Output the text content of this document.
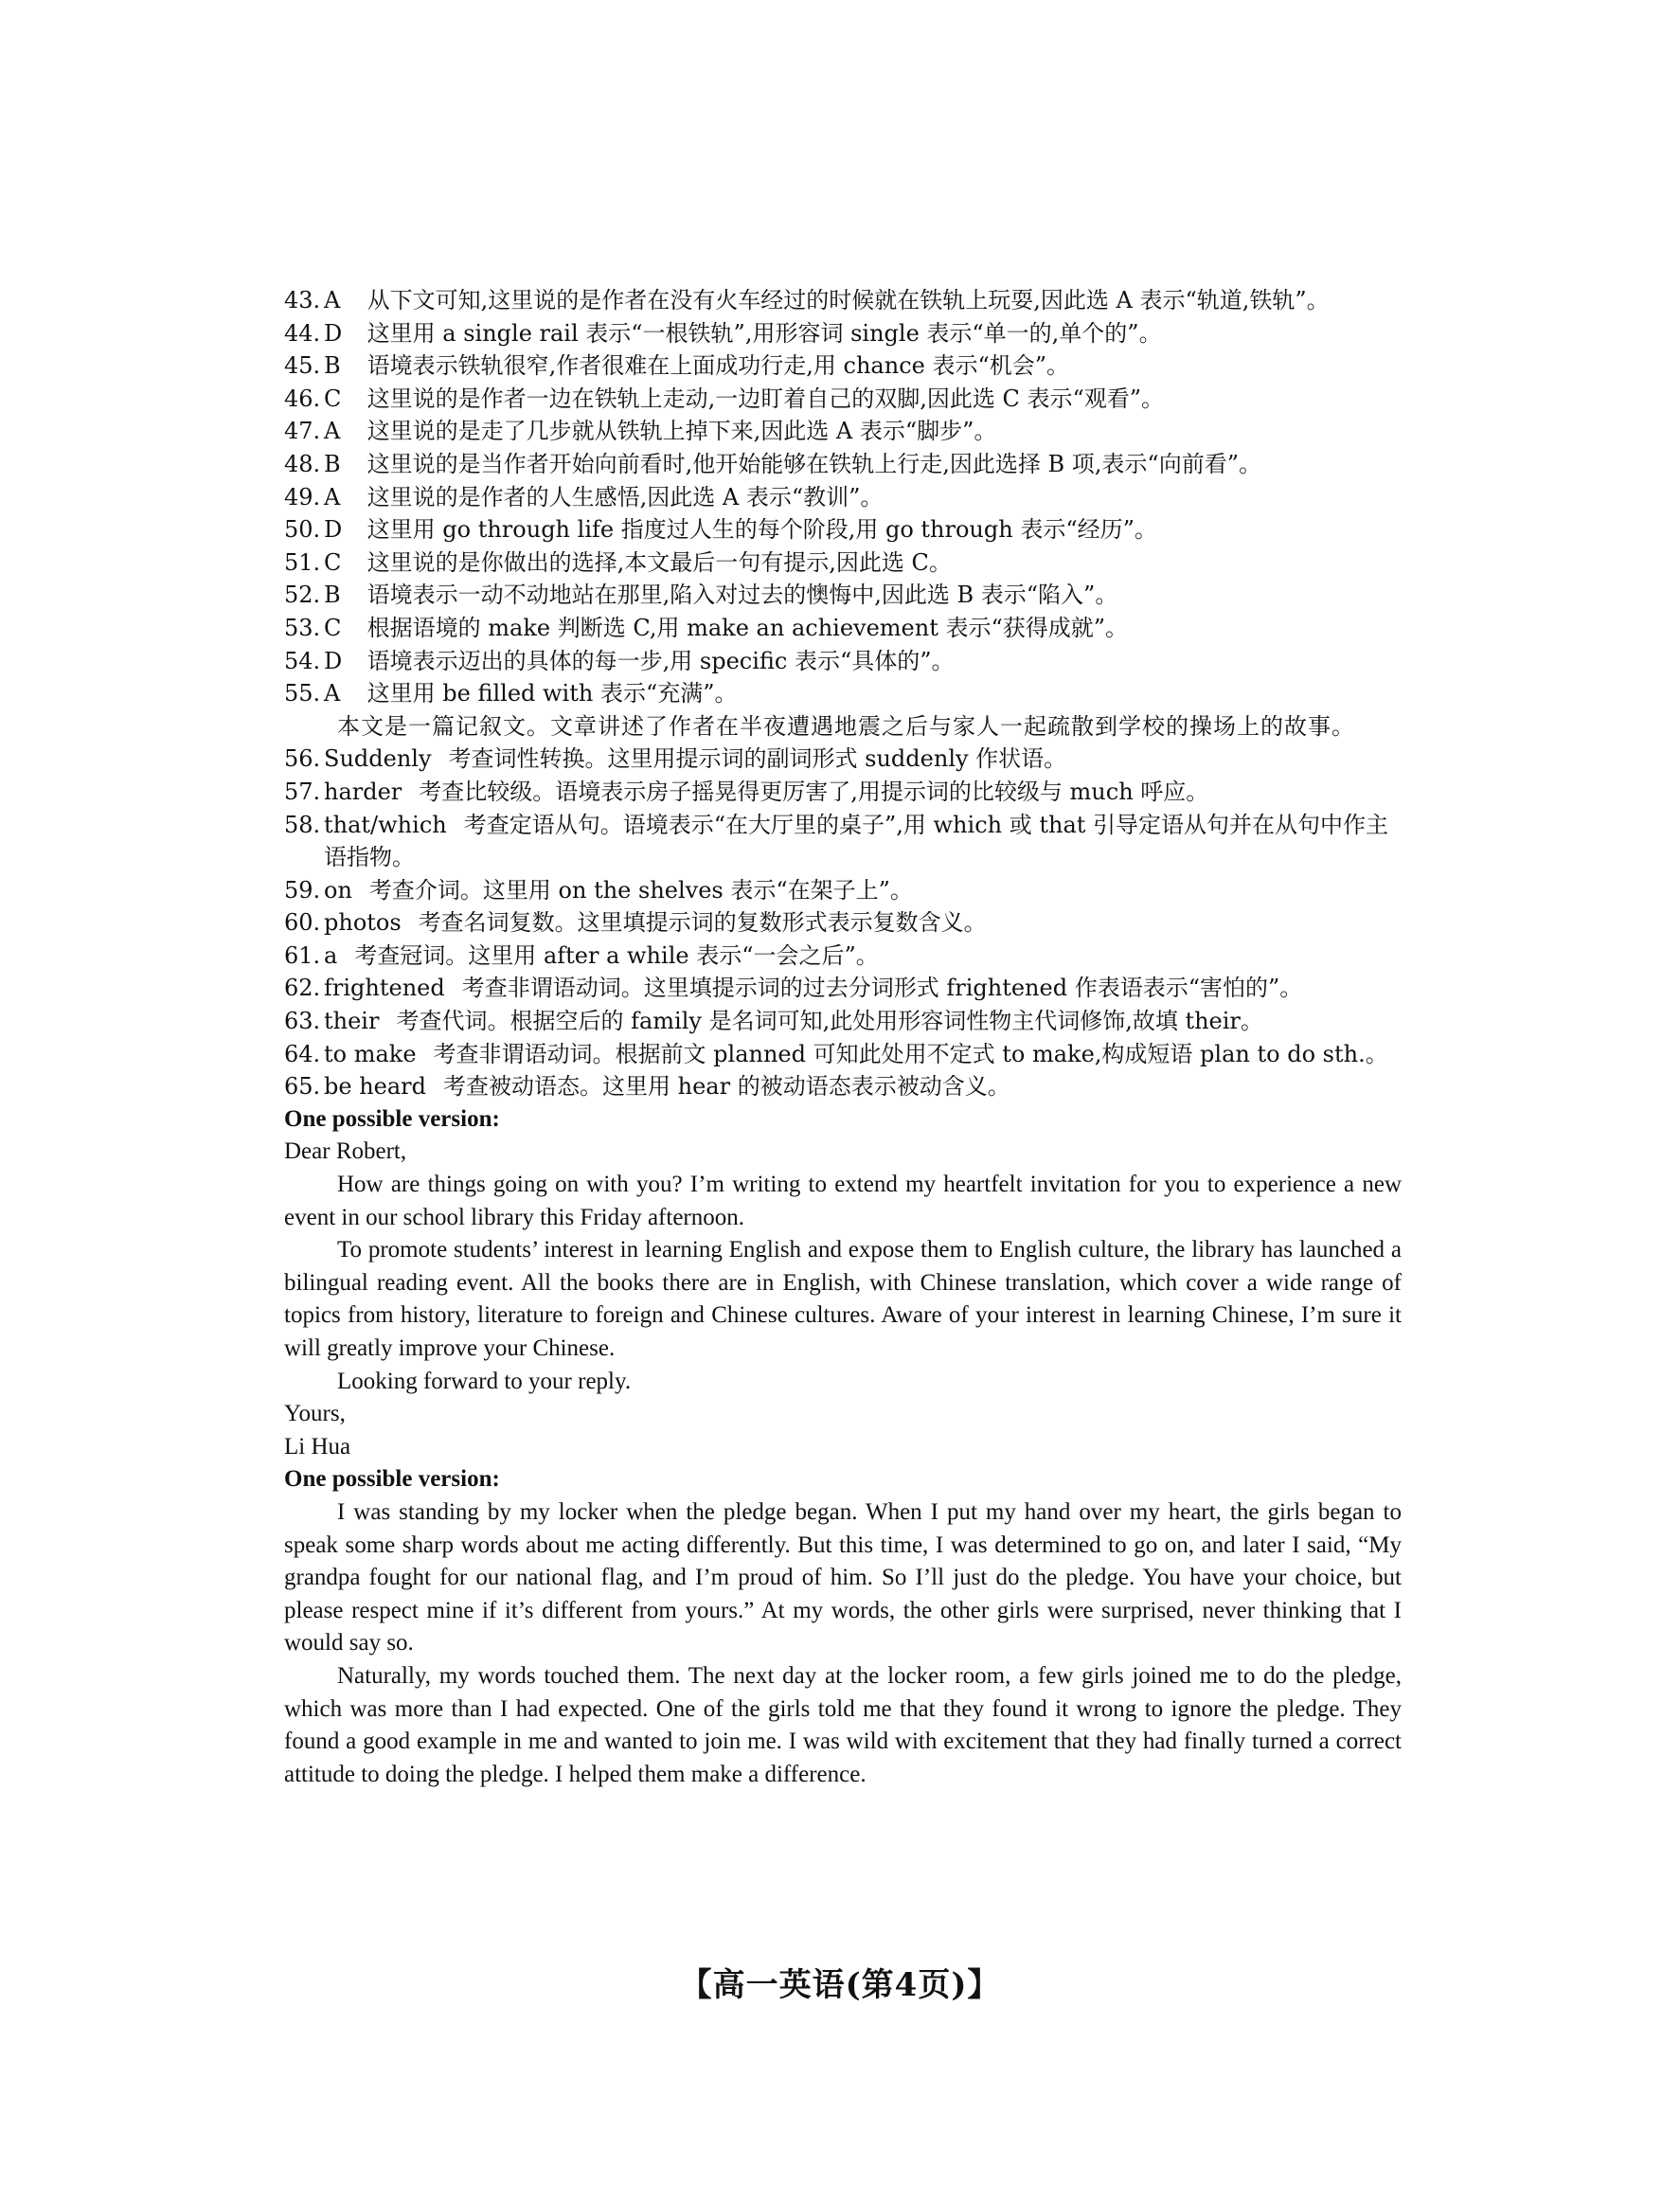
43. A 从下文可知,这里说的是作者在没有火车经过的时候就在铁轨上玩耍,因此选 A 表示“轨道,铁轨”。
44. D 这里用 a single rail 表示“一根铁轨”,用形容词 single 表示“单一的,单个的”。
45. B 语境表示铁轨很窄,作者很难在上面成功行走,用 chance 表示“机会”。
46. C 这里说的是作者一边在铁轨上走动,一边盯着自己的双脚,因此选 C 表示“观看”。
47. A 这里说的是走了几步就从铁轨上掉下来,因此选 A 表示“脚步”。
48. B 这里说的是当作者开始向前看时,他开始能够在铁轨上行走,因此选择 B 项,表示“向前看”。
49. A 这里说的是作者的人生感悟,因此选 A 表示“教训”。
50. D 这里用 go through life 指度过人生的每个阶段,用 go through 表示“经历”。
51. C 这里说的是你做出的选择,本文最后一句有提示,因此选 C。
52. B 语境表示一动不动地站在那里,陷入对过去的懊悔中,因此选 B 表示“陷入”。
53. C 根据语境的 make 判断选 C,用 make an achievement 表示“获得成就”。
54. D 语境表示迈出的具体的每一步,用 specific 表示“具体的”。
55. A 这里用 be filled with 表示“充满”。
本文是一篇记叙文。文章讲述了作者在半夜遭遇地震之后与家人一起疏散到学校的操场上的故事。
56. Suddenly 考查词性转换。这里用提示词的副词形式 suddenly 作状语。
57. harder 考查比较级。语境表示房子摇晃得更厉害了,用提示词的比较级与 much 呼应。
58. that/which 考查定语从句。语境表示“在大厅里的桌子”,用 which 或 that 引导定语从句并在从句中作主语指物。
59. on 考查介词。这里用 on the shelves 表示“在架子上”。
60. photos 考查名词复数。这里填提示词的复数形式表示复数含义。
61. a 考查冠词。这里用 after a while 表示“一会之后”。
62. frightened 考查非谓语动词。这里填提示词的过去分词形式 frightened 作表语表示“害怕的”。
63. their 考查代词。根据空后的 family 是名词可知,此处用形容词性物主代词修饰,故填 their。
64. to make 考查非谓语动词。根据前文 planned 可知此处用不定式 to make,构成短语 plan to do sth.。
65. be heard 考查被动语态。这里用 hear 的被动语态表示被动含义。
One possible version:

Dear Robert,

How are things going on with you? I’m writing to extend my heartfelt invitation for you to experience a new event in our school library this Friday afternoon.

To promote students’ interest in learning English and expose them to English culture, the library has launched a bilingual reading event. All the books there are in English, with Chinese translation, which cover a wide range of topics from history, literature to foreign and Chinese cultures. Aware of your interest in learning Chinese, I’m sure it will greatly improve your Chinese.

Looking forward to your reply.

Yours,

Li Hua

One possible version:

I was standing by my locker when the pledge began. When I put my hand over my heart, the girls began to speak some sharp words about me acting differently. But this time, I was determined to go on, and later I said, “My grandpa fought for our national flag, and I’m proud of him. So I’ll just do the pledge. You have your choice, but please respect mine if it’s different from yours.” At my words, the other girls were surprised, never thinking that I would say so.

Naturally, my words touched them. The next day at the locker room, a few girls joined me to do the pledge, which was more than I had expected. One of the girls told me that they found it wrong to ignore the pledge. They found a good example in me and wanted to join me. I was wild with excitement that they had finally turned a correct attitude to doing the pledge. I helped them make a difference.

【高一英语(第4页)】
